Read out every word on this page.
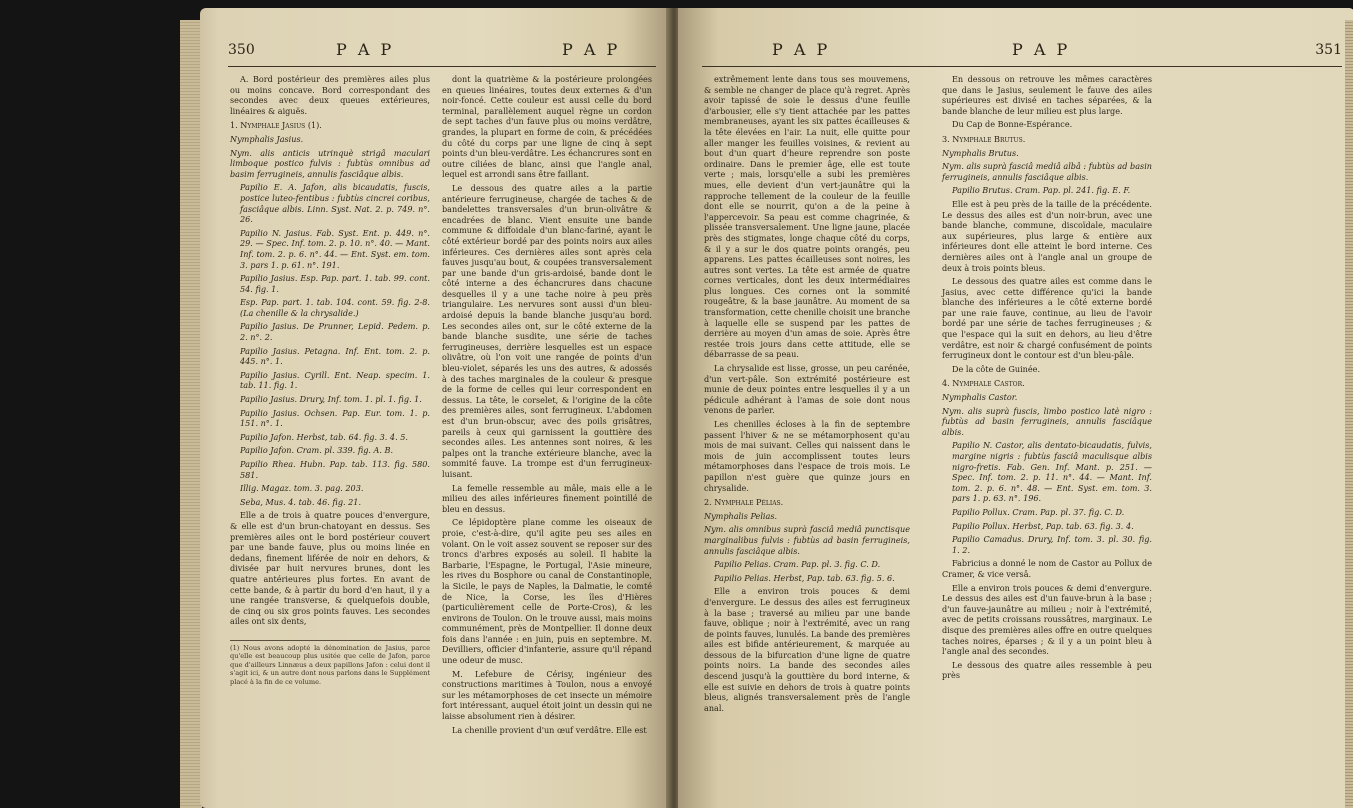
350	P A P	P A P

A. Bord postérieur des premières ailes plus ou moins concave. Bord correspondant des secondes avec deux queues extérieures, linéaires & aiguës.

1. Nymphale Jasius (1).

Nymphalis Jasius.

Nym. alis anticis utrinquè strigâ maculari limboque postico fulvis : fubtùs omnibus ad basim ferrugineis, annulis fasciâque albis.

Papilio E. A. Jafon, alis bicaudatis, fuscis, postice luteo-fentibus : fubtùs cincrei coribus, fasciâque albis. Linn. Syst. Nat. 2. p. 749. n°. 26.

Papilio N. Jasius. Fab. Syst. Ent. p. 449. n°. 29. — Spec. Inf. tom. 2. p. 10. n°. 40. — Mant. Inf. tom. 2. p. 6. n°. 44. — Ent. Syst. em. tom. 3. pars 1. p. 61. n°. 191.

Papilio Jasius. Esp. Pap. part. 1. tab. 99. cont. 54. fig. 1.

Esp. Pap. part. 1. tab. 104. cont. 59. fig. 2-8. (La chenille & la chrysalide.)

Papilio Jasius. De Prunner, Lepid. Pedem. p. 2. n°. 2.

Papilio Jasius. Petagna. Inf. Ent. tom. 2. p. 445. n°. 1.

Papilio Jasius. Cyrill. Ent. Neap. specim. 1. tab. 11. fig. 1.

Papilio Jasius. Drury, Inf. tom. 1. pl. 1. fig. 1.

Papilio Jasius. Ochsen. Pap. Eur. tom. 1. p. 151. n°. 1.

Papilio Jafon. Herbst, tab. 64. fig. 3. 4. 5.

Papilio Jafon. Cram. pl. 339. fig. A. B.

Papilio Rhea. Hubn. Pap. tab. 113. fig. 580. 581.

Illig. Magaz. tom. 3. pag. 203.

Seba, Mus. 4. tab. 46. fig. 21.

Elle a de trois à quatre pouces d'envergure, & elle est d'un brun-chatoyant en dessus. Ses premières ailes ont le bord postérieur couvert par une bande fauve, plus ou moins linée en dedans, finement liférée de noir en dehors, & divisée par huit nervures brunes, dont les quatre antérieures plus fortes. En avant de cette bande, & à partir du bord d'en haut, il y a une rangée transverse, & quelquefois double, de cinq ou six gros points fauves. Les secondes ailes ont six dents,

(1) Nous avons adopté la dénomination de Jasius, parce qu'elle est beaucoup plus usitée que celle de Jafon, parce que d'ailleurs Linnæus a deux papillons Jafon : celui dont il s'agit ici, & un autre dont nous parlons dans le Supplément placé à la fin de ce volume.

dont la quatrième & la postérieure prolongées en queues linéaires, toutes deux externes & d'un noir-foncé. Cette couleur est aussi celle du bord terminal, parallèlement auquel règne un cordon de sept taches d'un fauve plus ou moins verdâtre, grandes, la plupart en forme de coin, & précédées du côté du corps par une ligne de cinq à sept points d'un bleu-verdâtre. Les échancrures sont en outre ciliées de blanc, ainsi que l'angle anal, lequel est arrondi sans être faillant.

Le dessous des quatre ailes a la partie antérieure ferrugineuse, chargée de taches & de bandelettes transversales d'un brun-olivâtre & encadrées de blanc. Vient ensuite une bande commune & diffoidale d'un blanc-fariné, ayant le côté extérieur bordé par des points noirs aux ailes inférieures. Ces dernières ailes sont après cela fauves jusqu'au bout, & coupées transversalement par une bande d'un gris-ardoisé, bande dont le côté interne a des échancrures dans chacune desquelles il y a une tache noire à peu près triangulaire. Les nervures sont aussi d'un bleu-ardoisé depuis la bande blanche jusqu'au bord. Les secondes ailes ont, sur le côté externe de la bande blanche susdite, une série de taches ferrugineuses, derrière lesquelles est un espace olivâtre, où l'on voit une rangée de points d'un bleu-violet, séparés les uns des autres, & adossés à des taches marginales de la couleur & presque de la forme de celles qui leur correspondent en dessus. La tête, le corselet, & l'origine de la côte des premières ailes, sont ferrugineux. L'abdomen est d'un brun-obscur, avec des poils grisâtres, pareils à ceux qui garnissent la gouttière des secondes ailes. Les antennes sont noires, & les palpes ont la tranche extérieure blanche, avec la sommité fauve. La trompe est d'un ferrugineux-luisant.

La femelle ressemble au mâle, mais elle a le milieu des ailes inférieures finement pointillé de bleu en dessus.

Ce lépidoptère plane comme les oiseaux de proie, c'est-à-dire, qu'il agite peu ses ailes en volant. On le voit assez souvent se reposer sur des troncs d'arbres exposés au soleil. Il habite la Barbarie, l'Espagne, le Portugal, l'Asie mineure, les rives du Bosphore ou canal de Constantinople, la Sicile, le pays de Naples, la Dalmatie, le comté de Nice, la Corse, les îles d'Hières (particulièrement celle de Porte-Cros), & les environs de Toulon. On le trouve aussi, mais moins communément, près de Montpellier. Il donne deux fois dans l'année : en juin, puis en septembre. M. Devilliers, officier d'infanterie, assure qu'il répand une odeur de musc.

M. Lefebure de Cérisy, ingénieur des constructions maritimes à Toulon, nous a envoyé sur les métamorphoses de cet insecte un mémoire fort intéressant, auquel étoit joint un dessin qui ne laisse absolument rien à désirer.

La chenille provient d'un œuf verdâtre. Elle est

P A P	P A P	351

extrêmement lente dans tous ses mouvemens, & semble ne changer de place qu'à regret. Après avoir tapissé de soie le dessus d'une feuille d'arbousier, elle s'y tient attachée par les pattes membraneuses, ayant les six pattes écailleuses & la tête élevées en l'air. La nuit, elle quitte pour aller manger les feuilles voisines, & revient au bout d'un quart d'heure reprendre son poste ordinaire. Dans le premier âge, elle est toute verte ; mais, lorsqu'elle a subi les premières mues, elle devient d'un vert-jaunâtre qui la rapproche tellement de la couleur de la feuille dont elle se nourrit, qu'on a de la peine à l'appercevoir. Sa peau est comme chagrinée, & plissée transversalement. Une ligne jaune, placée près des stigmates, longe chaque côté du corps, & il y a sur le dos quatre points orangés, peu apparens. Les pattes écailleuses sont noires, les autres sont vertes. La tête est armée de quatre cornes verticales, dont les deux intermédiaires plus longues. Ces cornes ont la sommité rougeâtre, & la base jaunâtre. Au moment de sa transformation, cette chenille choisit une branche à laquelle elle se suspend par les pattes de derrière au moyen d'un amas de soie. Après être restée trois jours dans cette attitude, elle se débarrasse de sa peau.

La chrysalide est lisse, grosse, un peu carénée, d'un vert-pâle. Son extrémité postérieure est munie de deux pointes entre lesquelles il y a un pédicule adhérant à l'amas de soie dont nous venons de parler.

Les chenilles écloses à la fin de septembre passent l'hiver & ne se métamorphosent qu'au mois de mai suivant. Celles qui naissent dans le mois de juin accomplissent toutes leurs métamorphoses dans l'espace de trois mois. Le papillon n'est guère que quinze jours en chrysalide.

2. Nymphale Pélias.

Nymphalis Pelias.

Nym. alis omnibus suprà fasciâ mediâ punctisque marginalibus fulvis : fubtùs ad basin ferrugineis, annulis fasciâque albis.

Papilio Pelias. Cram. Pap. pl. 3. fig. C. D.

Papilio Pelias. Herbst, Pap. tab. 63. fig. 5. 6.

Elle a environ trois pouces & demi d'envergure. Le dessus des ailes est ferrugineux à la base ; traversé au milieu par une bande fauve, oblique ; noir à l'extrémité, avec un rang de points fauves, lunulés. La bande des premières ailes est bifide antérieurement, & marquée au dessous de la bifurcation d'une ligne de quatre points noirs. La bande des secondes ailes descend jusqu'à la gouttière du bord interne, & elle est suivie en dehors de trois à quatre points bleus, alignés transversalement près de l'angle anal.

En dessous on retrouve les mêmes caractères que dans le Jasius, seulement le fauve des ailes supérieures est divisé en taches séparées, & la bande blanche de leur milieu est plus large.

Du Cap de Bonne-Espérance.

3. Nymphale Brutus.

Nymphalis Brutus.

Nym. alis suprà fasciâ mediâ albâ : fubtùs ad basin ferrugineis, annulis fasciâque albis.

Papilio Brutus. Cram. Pap. pl. 241. fig. E. F.

Elle est à peu près de la taille de la précédente. Le dessus des ailes est d'un noir-brun, avec une bande blanche, commune, discoïdale, maculaire aux supérieures, plus large & entière aux inférieures dont elle atteint le bord interne. Ces dernières ailes ont à l'angle anal un groupe de deux à trois points bleus.

Le dessous des quatre ailes est comme dans le Jasius, avec cette différence qu'ici la bande blanche des inférieures a le côté externe bordé par une raie fauve, continue, au lieu de l'avoir bordé par une série de taches ferrugineuses ; & que l'espace qui la suit en dehors, au lieu d'être verdâtre, est noir & chargé confusément de points ferrugineux dont le contour est d'un bleu-pâle.

De la côte de Guinée.

4. Nymphale Castor.

Nymphalis Castor.

Nym. alis suprà fuscis, limbo postico latè nigro : fubtùs ad basin ferrugineis, annulis fasciâque albis.

Papilio N. Castor, alis dentato-bicaudatis, fulvis, margine nigris : fubtùs fasciâ maculisque albis nigro-fretis. Fab. Gen. Inf. Mant. p. 251. — Spec. Inf. tom. 2. p. 11. n°. 44. — Mant. Inf. tom. 2. p. 6. n°. 48. — Ent. Syst. em. tom. 3. pars 1. p. 63. n°. 196.

Papilio Pollux. Cram. Pap. pl. 37. fig. C. D.

Papilio Pollux. Herbst, Pap. tab. 63. fig. 3. 4.

Papilio Camadus. Drury, Inf. tom. 3. pl. 30. fig. 1. 2.

Fabricius a donné le nom de Castor au Pollux de Cramer, & vice versâ.

Elle a environ trois pouces & demi d'envergure. Le dessus des ailes est d'un fauve-brun à la base ; d'un fauve-jaunâtre au milieu ; noir à l'extrémité, avec de petits croissans roussâtres, marginaux. Le disque des premières ailes offre en outre quelques taches noires, éparses ; & il y a un point bleu à l'angle anal des secondes.

Le dessous des quatre ailes ressemble à peu près
